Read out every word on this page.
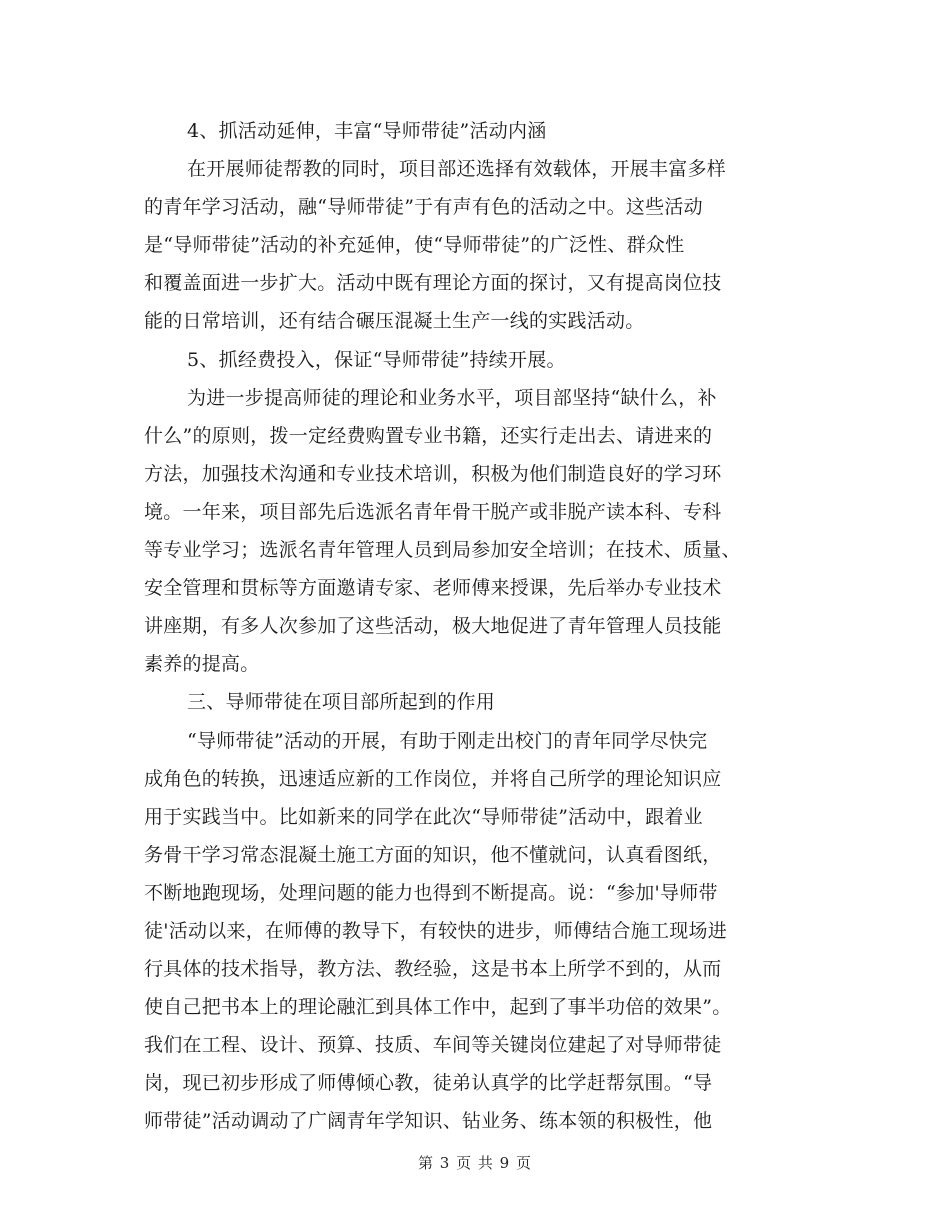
4、抓活动延伸，丰富“导师带徒”活动内涵
在开展师徒帮教的同时，项目部还选择有效载体，开展丰富多样
的青年学习活动，融“导师带徒”于有声有色的活动之中。这些活动
是“导师带徒”活动的补充延伸，使“导师带徒”的广泛性、群众性
和覆盖面进一步扩大。活动中既有理论方面的探讨，又有提高岗位技
能的日常培训，还有结合碾压混凝土生产一线的实践活动。
5、抓经费投入，保证“导师带徒”持续开展。
为进一步提高师徒的理论和业务水平，项目部坚持“缺什么，补
什么”的原则，拨一定经费购置专业书籍，还实行走出去、请进来的
方法，加强技术沟通和专业技术培训，积极为他们制造良好的学习环
境。一年来，项目部先后选派名青年骨干脱产或非脱产读本科、专科
等专业学习；选派名青年管理人员到局参加安全培训；在技术、质量、
安全管理和贯标等方面邀请专家、老师傅来授课，先后举办专业技术
讲座期，有多人次参加了这些活动，极大地促进了青年管理人员技能
素养的提高。
三、导师带徒在项目部所起到的作用
“导师带徒”活动的开展，有助于刚走出校门的青年同学尽快完
成角色的转换，迅速适应新的工作岗位，并将自己所学的理论知识应
用于实践当中。比如新来的同学在此次“导师带徒”活动中，跟着业
务骨干学习常态混凝土施工方面的知识，他不懂就问，认真看图纸，
不断地跑现场，处理问题的能力也得到不断提高。说：“参加'导师带
徒'活动以来，在师傅的教导下，有较快的进步，师傅结合施工现场进
行具体的技术指导，教方法、教经验，这是书本上所学不到的，从而
使自己把书本上的理论融汇到具体工作中，起到了事半功倍的效果”。
我们在工程、设计、预算、技质、车间等关键岗位建起了对导师带徒
岗，现已初步形成了师傅倾心教，徒弟认真学的比学赶帮氛围。“导
师带徒”活动调动了广阔青年学知识、钻业务、练本领的积极性，他
第 3 页 共 9 页
